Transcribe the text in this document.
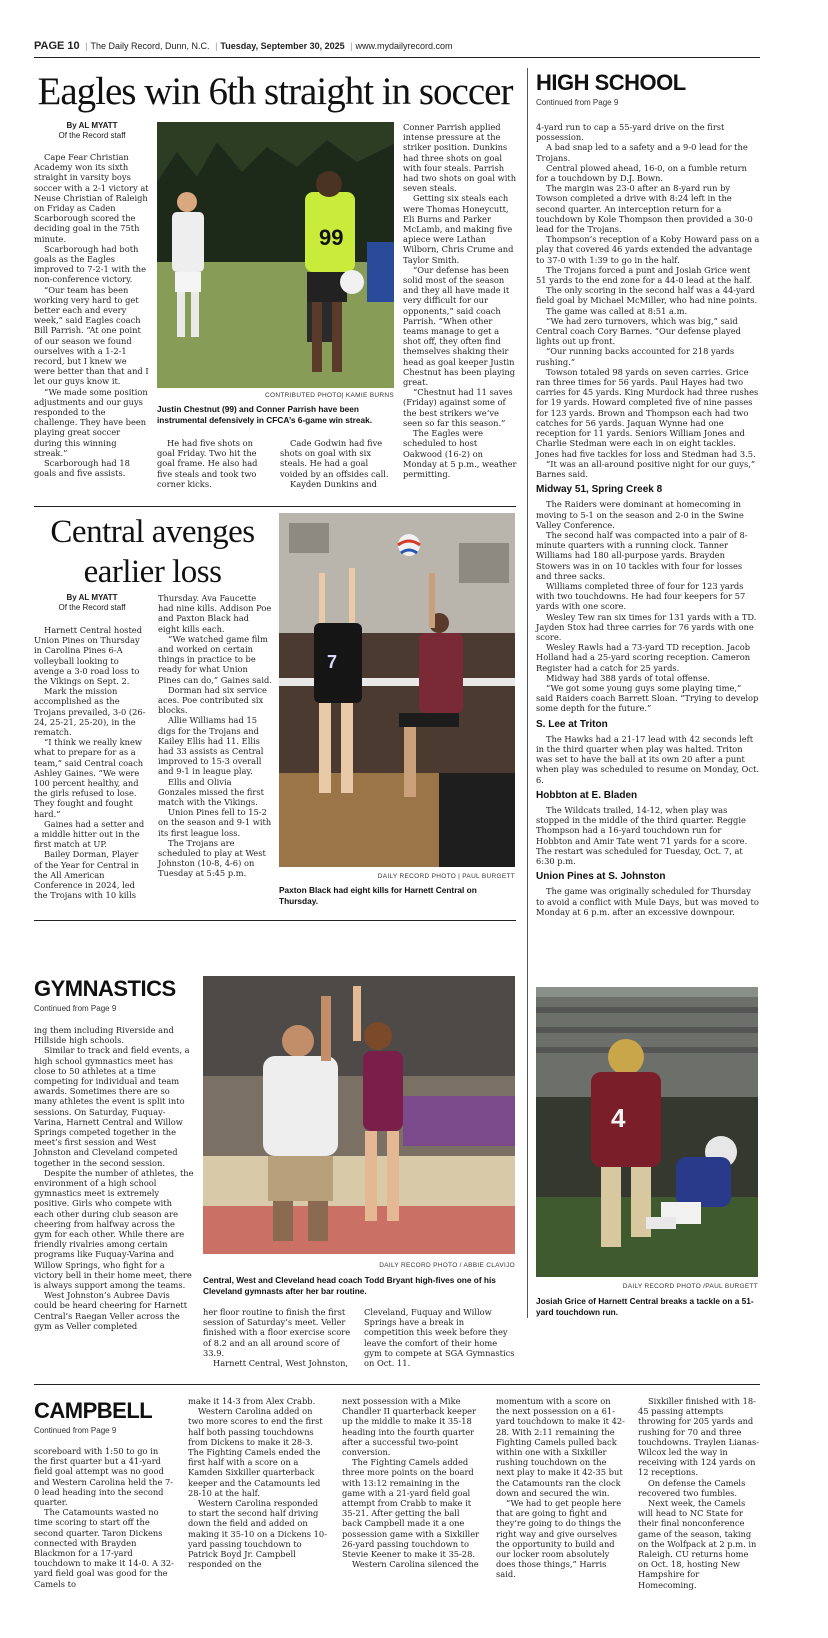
PAGE 10 | The Daily Record, Dunn, N.C. | Tuesday, September 30, 2025 | www.mydailyrecord.com
Eagles win 6th straight in soccer
By AL MYATT
Of the Record staff

Cape Fear Christian Academy won its sixth straight in varsity boys soccer with a 2-1 victory at Neuse Christian of Raleigh on Friday as Caden Scarborough scored the deciding goal in the 75th minute.

Scarborough had both goals as the Eagles improved to 7-2-1 with the non-conference victory.

“Our team has been working very hard to get better each and every week,” said Eagles coach Bill Parrish. “At one point of our season we found ourselves with a 1-2-1 record, but I knew we were better than that and I let our guys know it.

“We made some position adjustments and our guys responded to the challenge. They have been playing great soccer during this winning streak.”

Scarborough had 18 goals and five assists.

99
CONTRIBUTED PHOTO| KAMIE BURNS
Justin Chestnut (99) and Conner Parrish have been instrumental defensively in CFCA’s 6-game win streak.

He had five shots on goal Friday. Two hit the goal frame. He also had five steals and took two corner kicks.

Cade Godwin had five shots on goal with six steals. He had a goal voided by an offsides call.

Kayden Dunkins and

Conner Parrish applied intense pressure at the striker position. Dunkins had three shots on goal with four steals. Parrish had two shots on goal with seven steals.

Getting six steals each were Thomas Honeycutt, Eli Burns and Parker McLamb, and making five apiece were Lathan Wilborn, Chris Crume and Taylor Smith.

“Our defense has been solid most of the season and they all have made it very difficult for our opponents,” said coach Parrish. “When other teams manage to get a shot off, they often find themselves shaking their head as goal keeper Justin Chestnut has been playing great.

“Chestnut had 11 saves (Friday) against some of the best strikers we’ve seen so far this season.”

The Eagles were scheduled to host Oakwood (16-2) on Monday at 5 p.m., weather permitting.

Central avenges earlier loss
By AL MYATT
Of the Record staff

Harnett Central hosted Union Pines on Thursday in Carolina Pines 6-A volleyball looking to avenge a 3-0 road loss to the Vikings on Sept. 2.

Mark the mission accomplished as the Trojans prevailed, 3-0 (26-24, 25-21, 25-20), in the rematch.

“I think we really knew what to prepare for as a team,” said Central coach Ashley Gaines. “We were 100 percent healthy, and the girls refused to lose. They fought and fought hard.”

Gaines had a setter and a middle hitter out in the first match at UP.

Bailey Dorman, Player of the Year for Central in the All American Conference in 2024, led the Trojans with 10 kills

Thursday. Ava Faucette had nine kills. Addison Poe and Paxton Black had eight kills each.

“We watched game film and worked on certain things in practice to be ready for what Union Pines can do,” Gaines said.

Dorman had six service aces. Poe contributed six blocks.

Allie Williams had 15 digs for the Trojans and Kailey Ellis had 11. Ellis had 33 assists as Central improved to 15-3 overall and 9-1 in league play.

Ellis and Olivia Gonzales missed the first match with the Vikings.

Union Pines fell to 15-2 on the season and 9-1 with its first league loss.

The Trojans are scheduled to play at West Johnston (10-8, 4-6) on Tuesday at 5:45 p.m.

7
DAILY RECORD PHOTO | PAUL BURGETT
Paxton Black had eight kills for Harnett Central on Thursday.
HIGH SCHOOL
Continued from Page 9

4-yard run to cap a 55-yard drive on the first possession.

A bad snap led to a safety and a 9-0 lead for the Trojans.

Central plowed ahead, 16-0, on a fumble return for a touchdown by D.J. Bown.

The margin was 23-0 after an 8-yard run by Towson completed a drive with 8:24 left in the second quarter. An interception return for a touchdown by Kole Thompson then provided a 30-0 lead for the Trojans.

Thompson’s reception of a Koby Howard pass on a play that covered 46 yards extended the advantage to 37-0 with 1:39 to go in the half.

The Trojans forced a punt and Josiah Grice went 51 yards to the end zone for a 44-0 lead at the half.

The only scoring in the second half was a 44-yard field goal by Michael McMiller, who had nine points.

The game was called at 8:51 a.m.

“We had zero turnovers, which was big,” said Central coach Cory Barnes. “Our defense played lights out up front.

“Our running backs accounted for 218 yards rushing.”

Towson totaled 98 yards on seven carries. Grice ran three times for 56 yards. Paul Hayes had two carries for 45 yards. King Murdock had three rushes for 19 yards. Howard completed five of nine passes for 123 yards. Brown and Thompson each had two catches for 56 yards. Jaquan Wynne had one reception for 11 yards. Seniors William Jones and Charlie Stedman were each in on eight tackles. Jones had five tackles for loss and Stedman had 3.5.

“It was an all-around positive night for our guys,” Barnes said.

Midway 51, Spring Creek 8

The Raiders were dominant at homecoming in moving to 5-1 on the season and 2-0 in the Swine Valley Conference.

The second half was compacted into a pair of 8-minute quarters with a running clock. Tanner Williams had 180 all-purpose yards. Brayden Stowers was in on 10 tackles with four for losses and three sacks.

Williams completed three of four for 123 yards with two touchdowns. He had four keepers for 57 yards with one score.

Wesley Tew ran six times for 131 yards with a TD. Jayden Stox had three carries for 76 yards with one score.

Wesley Rawls had a 73-yard TD reception. Jacob Holland had a 25-yard scoring reception. Cameron Register had a catch for 25 yards.

Midway had 388 yards of total offense.

“We got some young guys some playing time,” said Raiders coach Barrett Sloan. “Trying to develop some depth for the future.”

S. Lee at Triton

The Hawks had a 21-17 lead with 42 seconds left in the third quarter when play was halted. Triton was set to have the ball at its own 20 after a punt when play was scheduled to resume on Monday, Oct. 6.

Hobbton at E. Bladen

The Wildcats trailed, 14-12, when play was stopped in the middle of the third quarter. Reggie Thompson had a 16-yard touchdown run for Hobbton and Amir Tate went 71 yards for a score. The restart was scheduled for Tuesday, Oct. 7, at 6:30 p.m.

Union Pines at S. Johnston

The game was originally scheduled for Thursday to avoid a conflict with Mule Days, but was moved to Monday at 6 p.m. after an excessive downpour.

4
DAILY RECORD PHOTO /PAUL BURGETT
Josiah Grice of Harnett Central breaks a tackle on a 51-yard touchdown run.
GYMNASTICS
Continued from Page 9

ing them including Riverside and Hillside high schools.

Similar to track and field events, a high school gymnastics meet has close to 50 athletes at a time competing for individual and team awards. Sometimes there are so many athletes the event is split into sessions. On Saturday, Fuquay-Varina, Harnett Central and Willow Springs competed together in the meet’s first session and West Johnston and Cleveland competed together in the second session.

Despite the number of athletes, the environment of a high school gymnastics meet is extremely positive. Girls who compete with each other during club season are cheering from halfway across the gym for each other. While there are friendly rivalries among certain programs like Fuquay-Varina and Willow Springs, who fight for a victory bell in their home meet, there is always support among the teams.

West Johnston’s Aubree Davis could be heard cheering for Harnett Central’s Raegan Veller across the gym as Veller completed

DAILY RECORD PHOTO / ABBIE CLAVIJO
Central, West and Cleveland head coach Todd Bryant high-fives one of his Cleveland gymnasts after her bar routine.

her floor routine to finish the first session of Saturday’s meet. Veller finished with a floor exercise score of 8.2 and an all around score of 33.9.

Harnett Central, West Johnston,

Cleveland, Fuquay and Willow Springs have a break in competition this week before they leave the comfort of their home gym to compete at SGA Gymnastics on Oct. 11.

CAMPBELL
Continued from Page 9

scoreboard with 1:50 to go in the first quarter but a 41-yard field goal attempt was no good and Western Carolina held the 7-0 lead heading into the second quarter.

The Catamounts wasted no time scoring to start off the second quarter. Taron Dickens connected with Brayden Blackmon for a 17-yard touchdown to make it 14-0. A 32-yard field goal was good for the Camels to

make it 14-3 from Alex Crabb.

Western Carolina added on two more scores to end the first half both passing touchdowns from Dickens to make it 28-3. The Fighting Camels ended the first half with a score on a Kamden Sixkiller quarterback keeper and the Catamounts led 28-10 at the half.

Western Carolina responded to start the second half driving down the field and added on making it 35-10 on a Dickens 10-yard passing touchdown to Patrick Boyd Jr. Campbell responded on the

next possession with a Mike Chandler II quarterback keeper up the middle to make it 35-18 heading into the fourth quarter after a successful two-point conversion.

The Fighting Camels added three more points on the board with 13:12 remaining in the game with a 21-yard field goal attempt from Crabb to make it 35-21. After getting the ball back Campbell made it a one possession game with a Sixkiller 26-yard passing touchdown to Stevie Keener to make it 35-28.

Western Carolina silenced the

momentum with a score on the next possession on a 61-yard touchdown to make it 42-28. With 2:11 remaining the Fighting Camels pulled back within one with a Sixkiller rushing touchdown on the next play to make it 42-35 but the Catamounts ran the clock down and secured the win.

“We had to get people here that are going to fight and they’re going to do things the right way and give ourselves the opportunity to build and our locker room absolutely does those things,” Harris said.

Sixkiller finished with 18-45 passing attempts throwing for 205 yards and rushing for 70 and three touchdowns. Traylen Lianas-Wilcox led the way in receiving with 124 yards on 12 receptions.

On defense the Camels recovered two fumbles.

Next week, the Camels will head to NC State for their final nonconference game of the season, taking on the Wolfpack at 2 p.m. in Raleigh. CU returns home on Oct. 18, hosting New Hampshire for Homecoming.
